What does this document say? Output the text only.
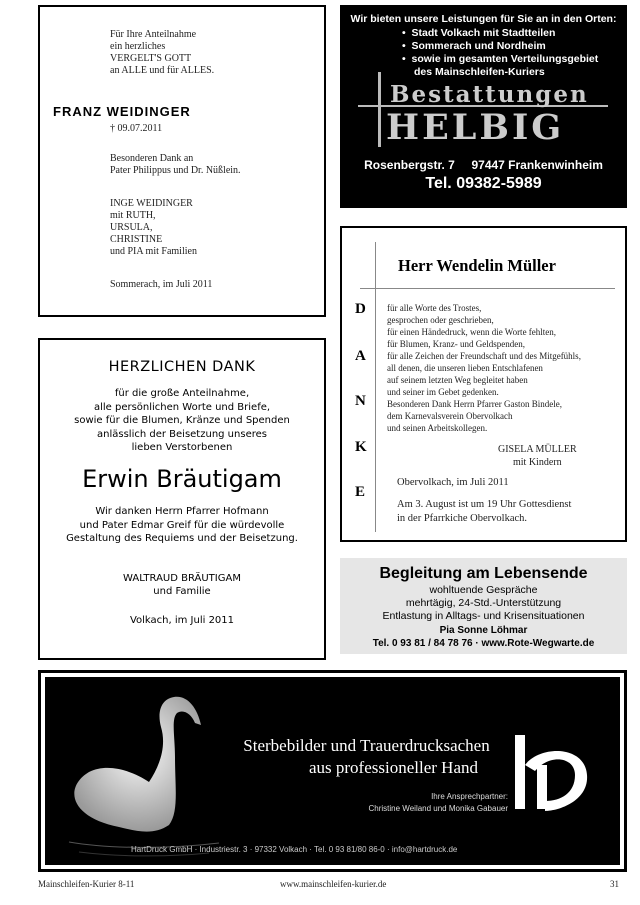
Für Ihre Anteilnahme
ein herzliches
VERGELT'S GOTT
an ALLE und für ALLES.
FRANZ WEIDINGER
† 09.07.2011
Besonderen Dank an
Pater Philippus und Dr. Nüßlein.
INGE WEIDINGER
mit RUTH,
URSULA,
CHRISTINE
und PIA mit Familien
Sommerach, im Juli 2011
Wir bieten unsere Leistungen für Sie an in den Orten:
•  Stadt Volkach mit Stadtteilen
•  Sommerach und Nordheim
•  sowie im gesamten Verteilungsgebiet
des Mainschleifen-Kuriers
Bestattungen
HELBIG
Rosenbergstr. 7     97447 Frankenwinheim
Tel. 09382-5989
HERZLICHEN DANK
für die große Anteilnahme,
alle persönlichen Worte und Briefe,
sowie für die Blumen, Kränze und Spenden
anlässlich der Beisetzung unseres
lieben Verstorbenen
Erwin Bräutigam
Wir danken Herrn Pfarrer Hofmann
und Pater Edmar Greif für die würdevolle
Gestaltung des Requiems und der Beisetzung.
WALTRAUD BRÄUTIGAM
und Familie
Volkach, im Juli 2011
Herr Wendelin Müller
D
A
N
K
E
für alle Worte des Trostes,
gesprochen oder geschrieben,
für einen Händedruck, wenn die Worte fehlten,
für Blumen, Kranz- und Geldspenden,
für alle Zeichen der Freundschaft und des Mitgefühls,
all denen, die unseren lieben Entschlafenen
auf seinem letzten Weg begleitet haben
und seiner im Gebet gedenken.
Besonderen Dank Herrn Pfarrer Gaston Bindele,
dem Karnevalsverein Obervolkach
und seinen Arbeitskollegen.
GISELA MÜLLER
mit Kindern
Obervolkach, im Juli 2011
Am 3. August ist um 19 Uhr Gottesdienst
in der Pfarrkiche Obervolkach.
Begleitung am Lebensende
wohltuende Gespräche
mehrtägig, 24-Std.-Unterstützung
Entlastung in Alltags- und Krisensituationen
Pia Sonne Löhmar
Tel. 0 93 81 / 84 78 76 · www.Rote-Wegwarte.de
Sterbebilder und Trauerdrucksachen
aus professioneller Hand
Ihre Ansprechpartner:
Christine Weiland und Monika Gabauer
HartDruck GmbH · Industriestr. 3 · 97332 Volkach · Tel. 0 93 81/80 86-0 · info@hartdruck.de
Mainschleifen-Kurier 8-11	www.mainschleifen-kurier.de	31
